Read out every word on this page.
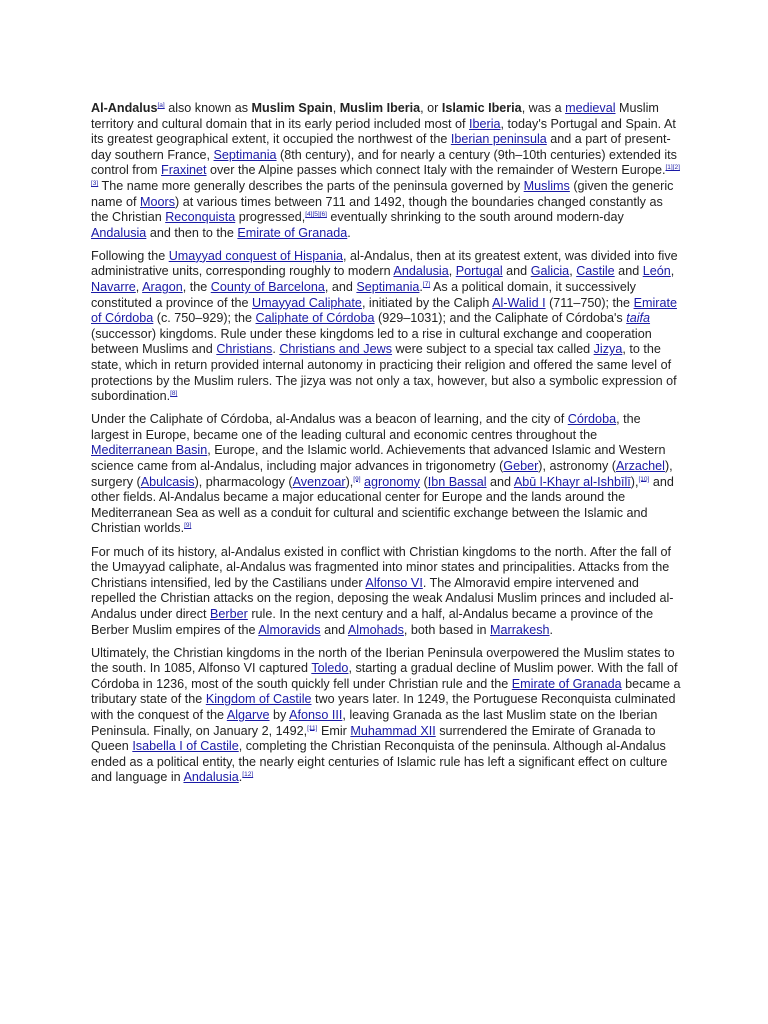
Al-Andalus[a] also known as Muslim Spain, Muslim Iberia, or Islamic Iberia, was a medieval Muslim territory and cultural domain that in its early period included most of Iberia, today's Portugal and Spain. At its greatest geographical extent, it occupied the northwest of the Iberian peninsula and a part of present-day southern France, Septimania (8th century), and for nearly a century (9th–10th centuries) extended its control from Fraxinet over the Alpine passes which connect Italy with the remainder of Western Europe.[1][2][3] The name more generally describes the parts of the peninsula governed by Muslims (given the generic name of Moors) at various times between 711 and 1492, though the boundaries changed constantly as the Christian Reconquista progressed,[4][5][6] eventually shrinking to the south around modern-day Andalusia and then to the Emirate of Granada.

Following the Umayyad conquest of Hispania, al-Andalus, then at its greatest extent, was divided into five administrative units, corresponding roughly to modern Andalusia, Portugal and Galicia, Castile and León, Navarre, Aragon, the County of Barcelona, and Septimania.[7] As a political domain, it successively constituted a province of the Umayyad Caliphate, initiated by the Caliph Al-Walid I (711–750); the Emirate of Córdoba (c. 750–929); the Caliphate of Córdoba (929–1031); and the Caliphate of Córdoba's taifa (successor) kingdoms. Rule under these kingdoms led to a rise in cultural exchange and cooperation between Muslims and Christians. Christians and Jews were subject to a special tax called Jizya, to the state, which in return provided internal autonomy in practicing their religion and offered the same level of protections by the Muslim rulers. The jizya was not only a tax, however, but also a symbolic expression of subordination.[8]

Under the Caliphate of Córdoba, al-Andalus was a beacon of learning, and the city of Córdoba, the largest in Europe, became one of the leading cultural and economic centres throughout the Mediterranean Basin, Europe, and the Islamic world. Achievements that advanced Islamic and Western science came from al-Andalus, including major advances in trigonometry (Geber), astronomy (Arzachel), surgery (Abulcasis), pharmacology (Avenzoar),[9] agronomy (Ibn Bassal and Abū l-Khayr al-Ishbīlī),[10] and other fields. Al-Andalus became a major educational center for Europe and the lands around the Mediterranean Sea as well as a conduit for cultural and scientific exchange between the Islamic and Christian worlds.[9]

For much of its history, al-Andalus existed in conflict with Christian kingdoms to the north. After the fall of the Umayyad caliphate, al-Andalus was fragmented into minor states and principalities. Attacks from the Christians intensified, led by the Castilians under Alfonso VI. The Almoravid empire intervened and repelled the Christian attacks on the region, deposing the weak Andalusi Muslim princes and included al-Andalus under direct Berber rule. In the next century and a half, al-Andalus became a province of the Berber Muslim empires of the Almoravids and Almohads, both based in Marrakesh.

Ultimately, the Christian kingdoms in the north of the Iberian Peninsula overpowered the Muslim states to the south. In 1085, Alfonso VI captured Toledo, starting a gradual decline of Muslim power. With the fall of Córdoba in 1236, most of the south quickly fell under Christian rule and the Emirate of Granada became a tributary state of the Kingdom of Castile two years later. In 1249, the Portuguese Reconquista culminated with the conquest of the Algarve by Afonso III, leaving Granada as the last Muslim state on the Iberian Peninsula. Finally, on January 2, 1492,[11] Emir Muhammad XII surrendered the Emirate of Granada to Queen Isabella I of Castile, completing the Christian Reconquista of the peninsula. Although al-Andalus ended as a political entity, the nearly eight centuries of Islamic rule has left a significant effect on culture and language in Andalusia.[12]
